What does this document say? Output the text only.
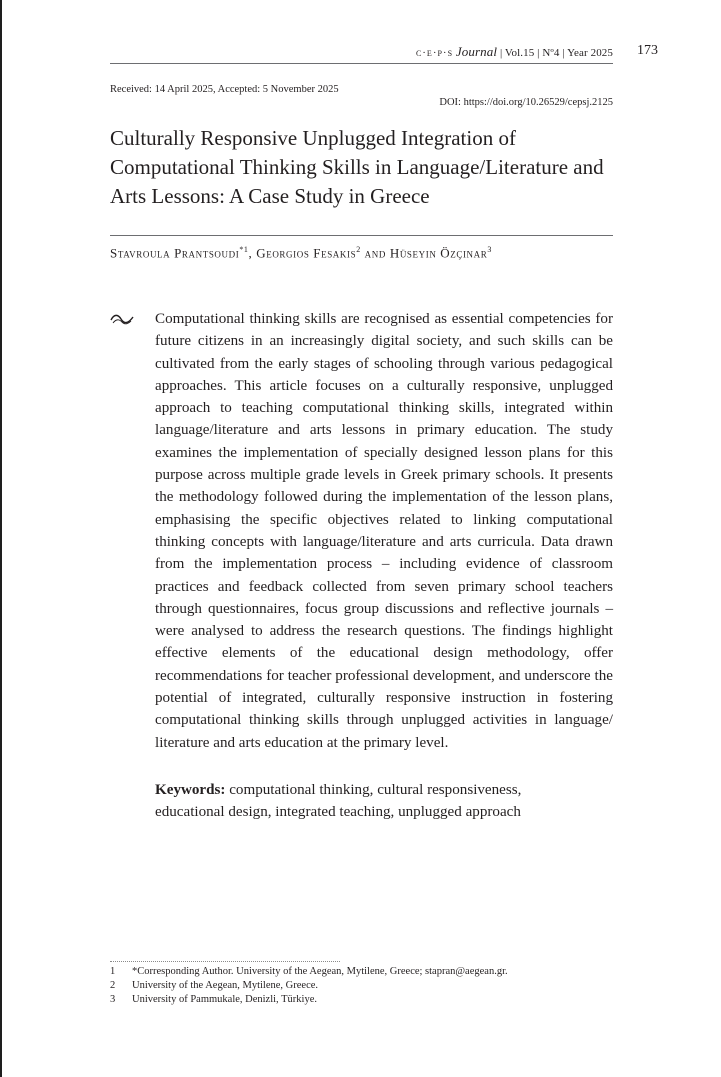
c·e·p·s Journal | Vol.15 | Nº4 | Year 2025 173
Received: 14 April 2025, Accepted: 5 November 2025
DOI: https://doi.org/10.26529/cepsj.2125
Culturally Responsive Unplugged Integration of Computational Thinking Skills in Language/Literature and Arts Lessons: A Case Study in Greece
Stavroula Prantsoudi$^{*1}$, Georgios Fesakis$^2$ and Hüseyin Özçinar$^3$

Computational thinking skills are recognised as essential competencies for future citizens in an increasingly digital society, and such skills can be cultivated from the early stages of schooling through various pedagogical approaches. This article focuses on a culturally responsive, unplugged approach to teaching computational thinking skills, integrated within language/literature and arts lessons in primary education. The study examines the implementation of specially designed lesson plans for this purpose across multiple grade levels in Greek primary schools. It presents the methodology followed during the implementation of the lesson plans, emphasising the specific objectives related to linking computational thinking concepts with language/literature and arts curricula. Data drawn from the implementation process – including evidence of classroom practices and feedback collected from seven primary school teachers through questionnaires, focus group discussions and reflective journals – were analysed to address the research questions. The findings highlight effective elements of the educational design methodology, offer recommendations for teacher professional development, and underscore the potential of integrated, culturally responsive instruction in fostering computational thinking skills through unplugged activities in language/​literature and arts education at the primary level.

Keywords: computational thinking, cultural responsiveness,
educational design, integrated teaching, unplugged approach
1	*Corresponding Author. University of the Aegean, Mytilene, Greece; stapran@aegean.gr.
2	University of the Aegean, Mytilene, Greece.
3	University of Pammukale, Denizli, Türkiye.
